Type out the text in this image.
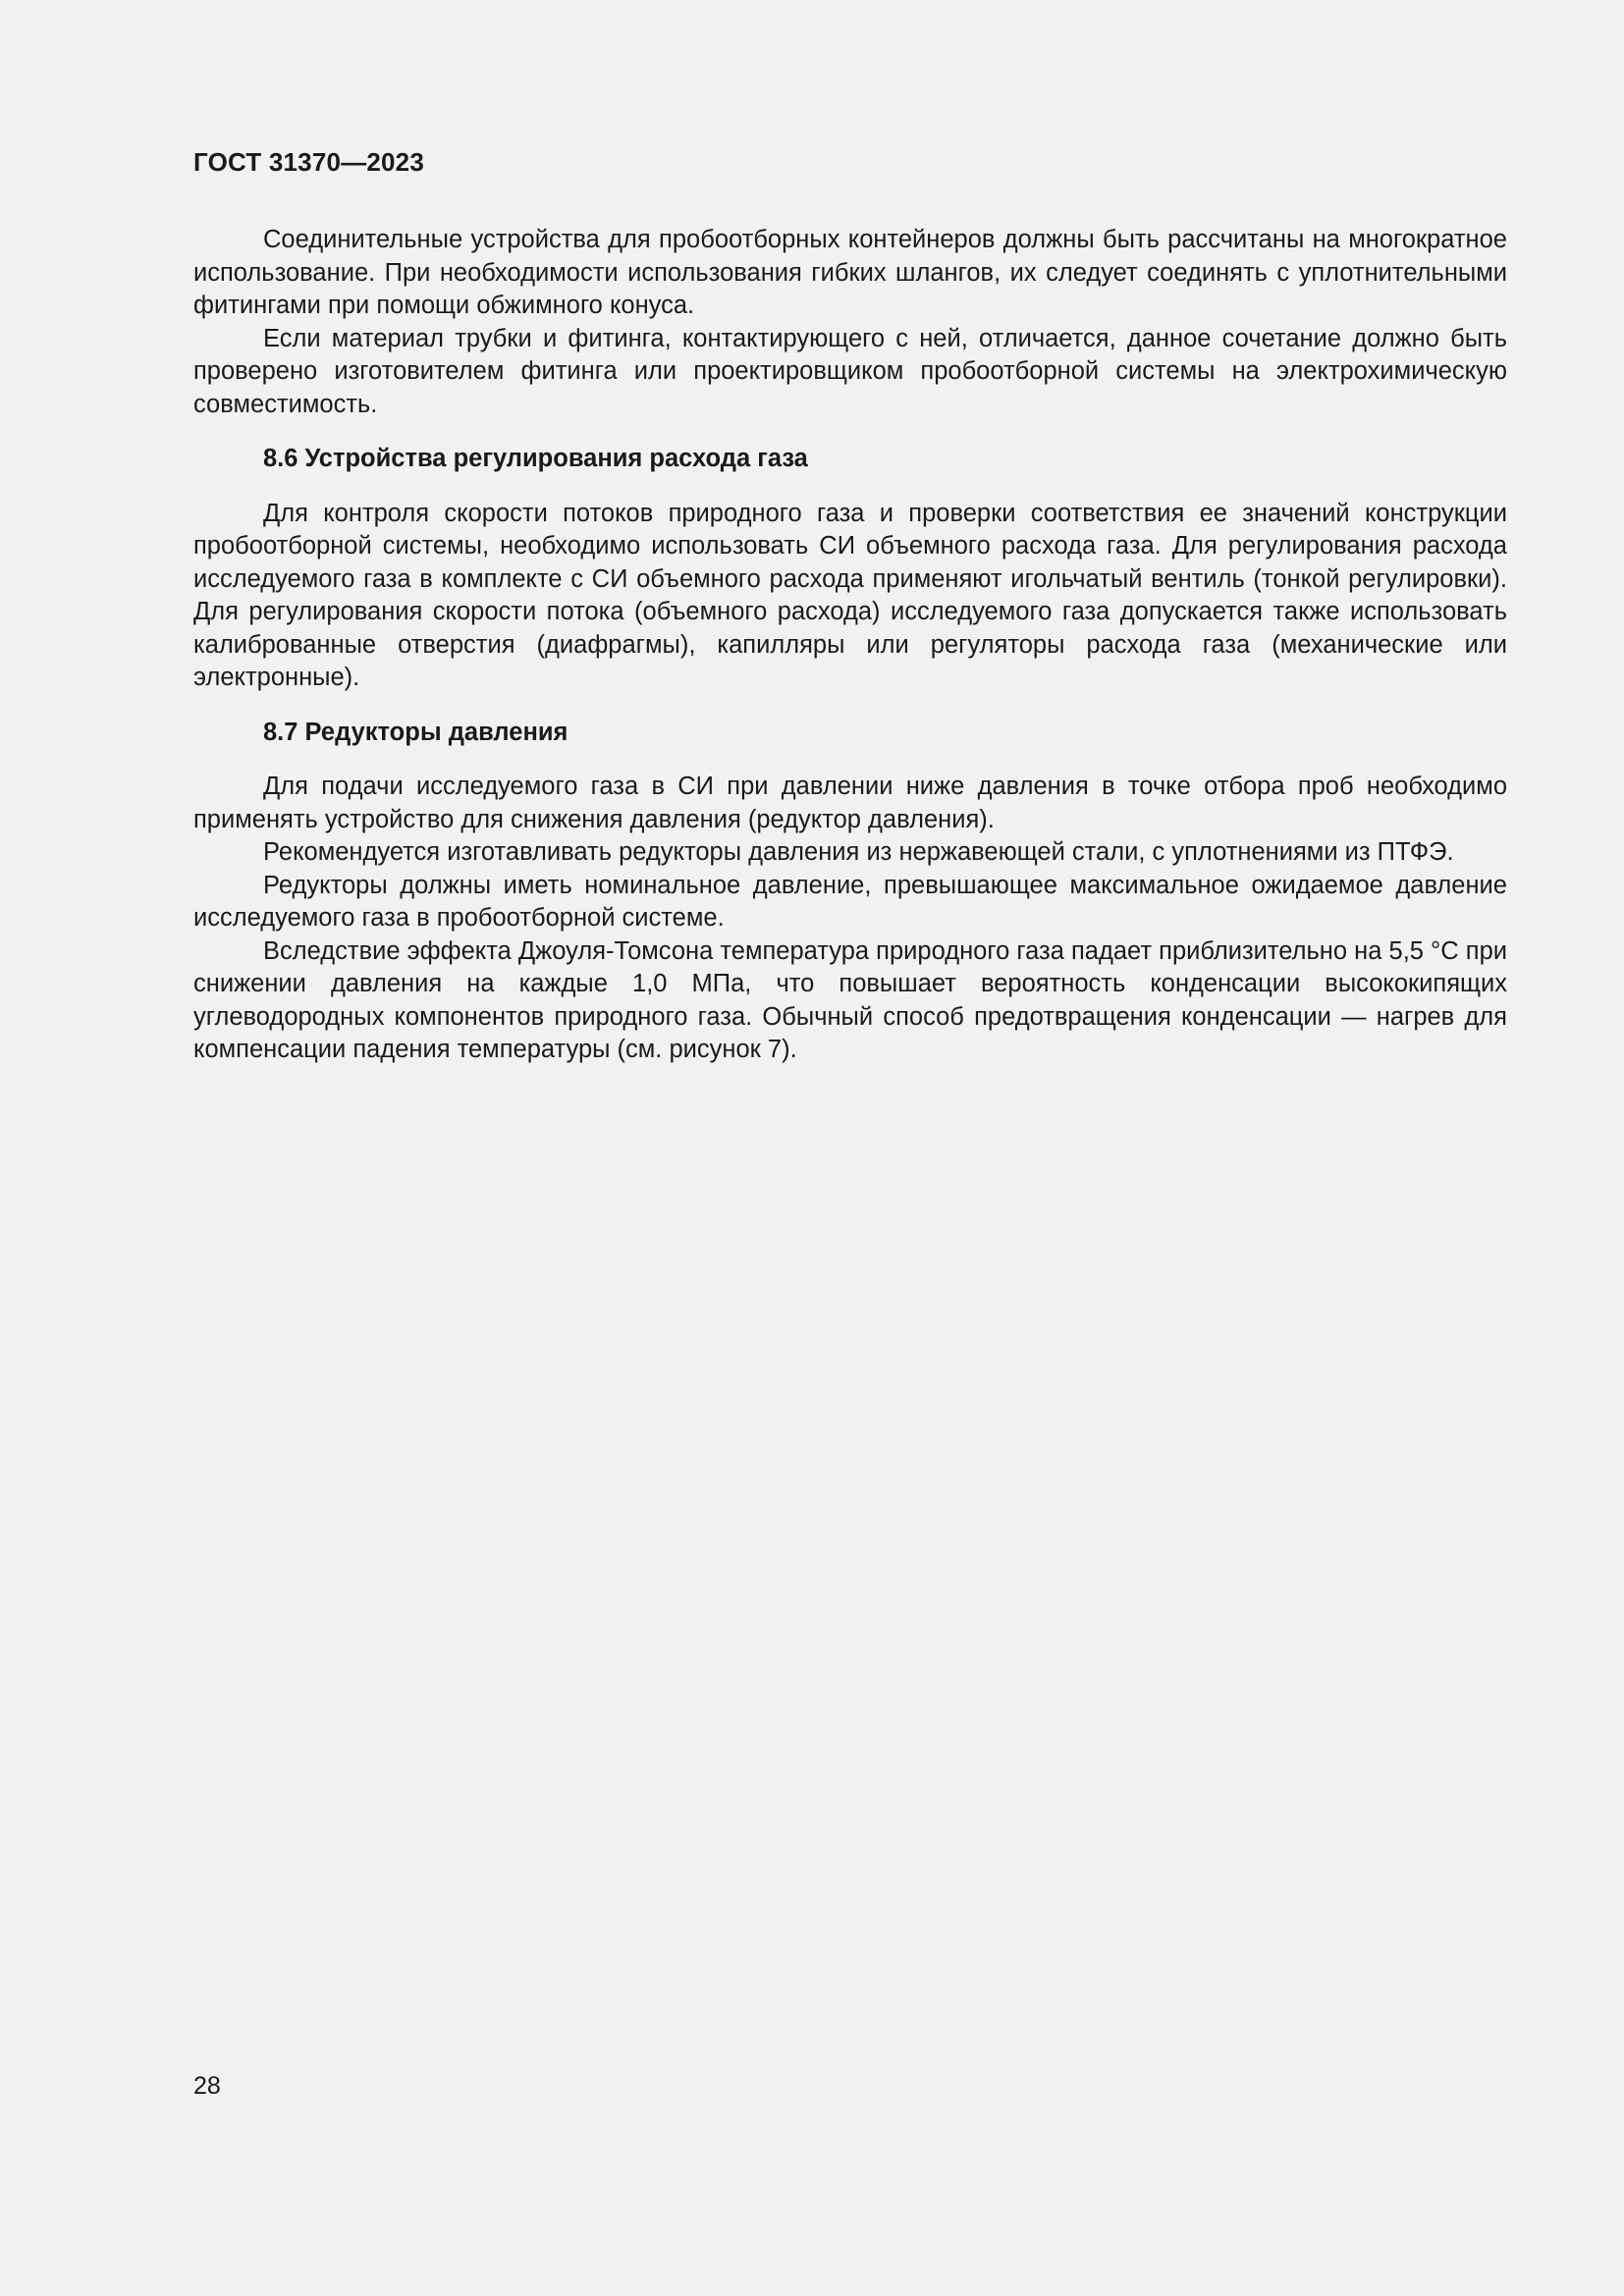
ГОСТ 31370—2023

Соединительные устройства для пробоотборных контейнеров должны быть рассчитаны на многократное использование. При необходимости использования гибких шлангов, их следует соединять с уплотнительными фитингами при помощи обжимного конуса.

Если материал трубки и фитинга, контактирующего с ней, отличается, данное сочетание должно быть проверено изготовителем фитинга или проектировщиком пробоотборной системы на электрохимическую совместимость.

8.6 Устройства регулирования расхода газа

Для контроля скорости потоков природного газа и проверки соответствия ее значений конструкции пробоотборной системы, необходимо использовать СИ объемного расхода газа. Для регулирования расхода исследуемого газа в комплекте с СИ объемного расхода применяют игольчатый вентиль (тонкой регулировки). Для регулирования скорости потока (объемного расхода) исследуемого газа допускается также использовать калиброванные отверстия (диафрагмы), капилляры или регуляторы расхода газа (механические или электронные).

8.7 Редукторы давления

Для подачи исследуемого газа в СИ при давлении ниже давления в точке отбора проб необходимо применять устройство для снижения давления (редуктор давления).

Рекомендуется изготавливать редукторы давления из нержавеющей стали, с уплотнениями из ПТФЭ.

Редукторы должны иметь номинальное давление, превышающее максимальное ожидаемое давление исследуемого газа в пробоотборной системе.

Вследствие эффекта Джоуля-Томсона температура природного газа падает приблизительно на 5,5 °С при снижении давления на каждые 1,0 МПа, что повышает вероятность конденсации высококипящих углеводородных компонентов природного газа. Обычный способ предотвращения конденсации — нагрев для компенсации падения температуры (см. рисунок 7).

28
